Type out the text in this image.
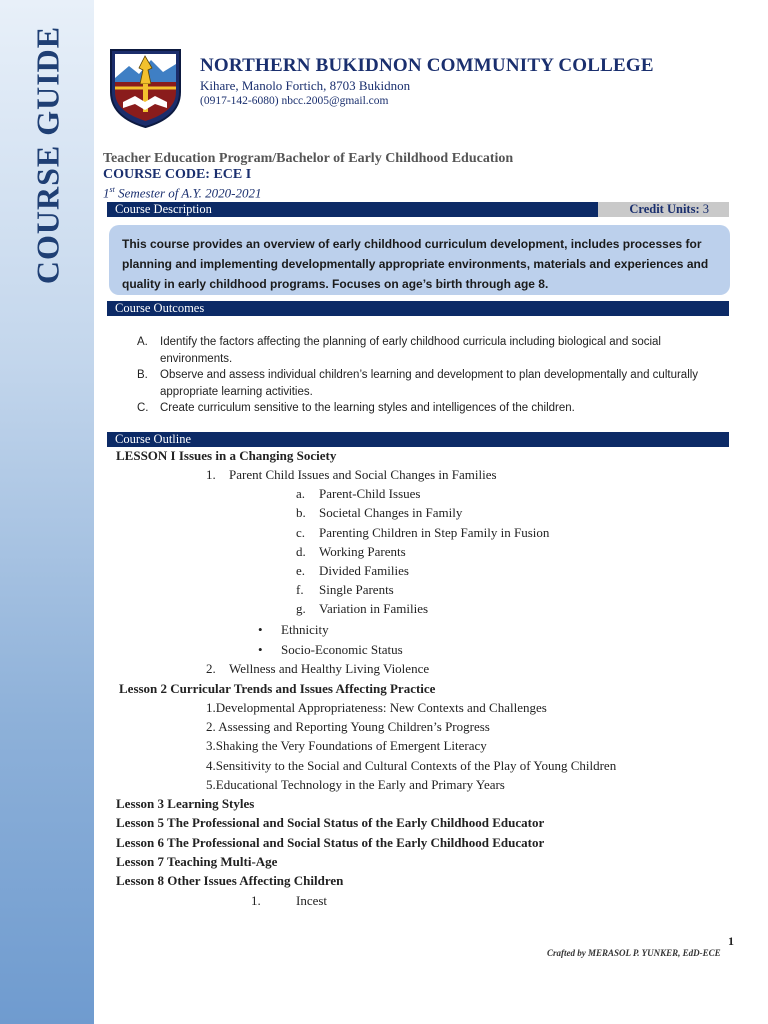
COURSE GUIDE	NORTHERN BUKIDNON COMMUNITY COLLEGE
Kihare, Manolo Fortich, 8703 Bukidnon
(0917-142-6080) nbcc.2005@gmail.com
Teacher Education Program/Bachelor of Early Childhood Education
COURSE CODE: ECE I
1st Semester of A.Y. 2020-2021
Course Description	Credit Units: 3
This course provides an overview of early childhood curriculum development, includes processes for planning and implementing developmentally appropriate environments, materials and experiences and quality in early childhood programs. Focuses on age’s birth through age 8.
Course Outcomes
A.	Identify the factors affecting the planning of early childhood curricula including biological and social environments.
B.	Observe and assess individual children’s learning and development to plan developmentally and culturally appropriate learning activities.
C.	Create curriculum sensitive to the learning styles and intelligences of the children.
Course Outline
LESSON I Issues in a Changing Society
1. Parent Child Issues and Social Changes in Families
a. Parent-Child Issues
b. Societal Changes in Family
c. Parenting Children in Step Family in Fusion
d. Working Parents
e. Divided Families
f. Single Parents
g. Variation in Families
• Ethnicity
• Socio-Economic Status
2. Wellness and Healthy Living Violence
Lesson 2 Curricular Trends and Issues Affecting Practice
1.Developmental Appropriateness: New Contexts and Challenges
2. Assessing and Reporting Young Children’s Progress
3.Shaking the Very Foundations of Emergent Literacy
4.Sensitivity to the Social and Cultural Contexts of the Play of Young Children
5.Educational Technology in the Early and Primary Years
Lesson 3 Learning Styles
Lesson 5 The Professional and Social Status of the Early Childhood Educator
Lesson 6 The Professional and Social Status of the Early Childhood Educator
Lesson 7 Teaching Multi-Age
Lesson 8 Other Issues Affecting Children
1.	Incest
1
Crafted by MERASOL P. YUNKER, EdD-ECE
